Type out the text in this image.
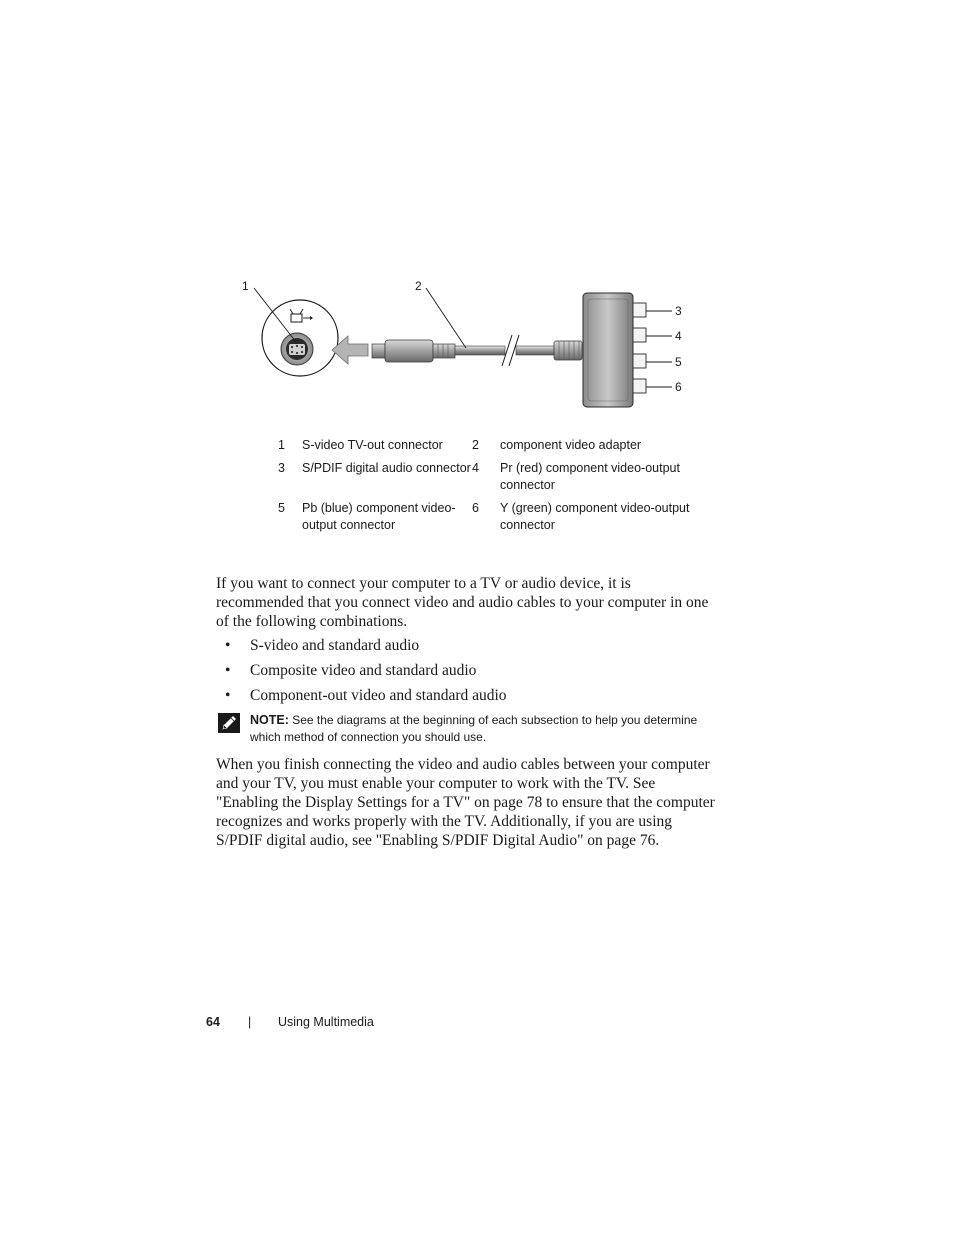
1	2
3
4
5
6
1	S-video TV-out connector	2	component video adapter
3	S/PDIF digital audio connector	4	Pr (red) component video-output connector
5	Pb (blue) component video-output connector	6	Y (green) component video-output connector

If you want to connect your computer to a TV or audio device, it is recommended that you connect video and audio cables to your computer in one of the following combinations.

• S-video and standard audio
• Composite video and standard audio
• Component-out video and standard audio
NOTE: See the diagrams at the beginning of each subsection to help you determine which method of connection you should use.

When you finish connecting the video and audio cables between your computer and your TV, you must enable your computer to work with the TV. See "Enabling the Display Settings for a TV" on page 78 to ensure that the computer recognizes and works properly with the TV. Additionally, if you are using S/PDIF digital audio, see "Enabling S/PDIF Digital Audio" on page 76.

64 | Using Multimedia
